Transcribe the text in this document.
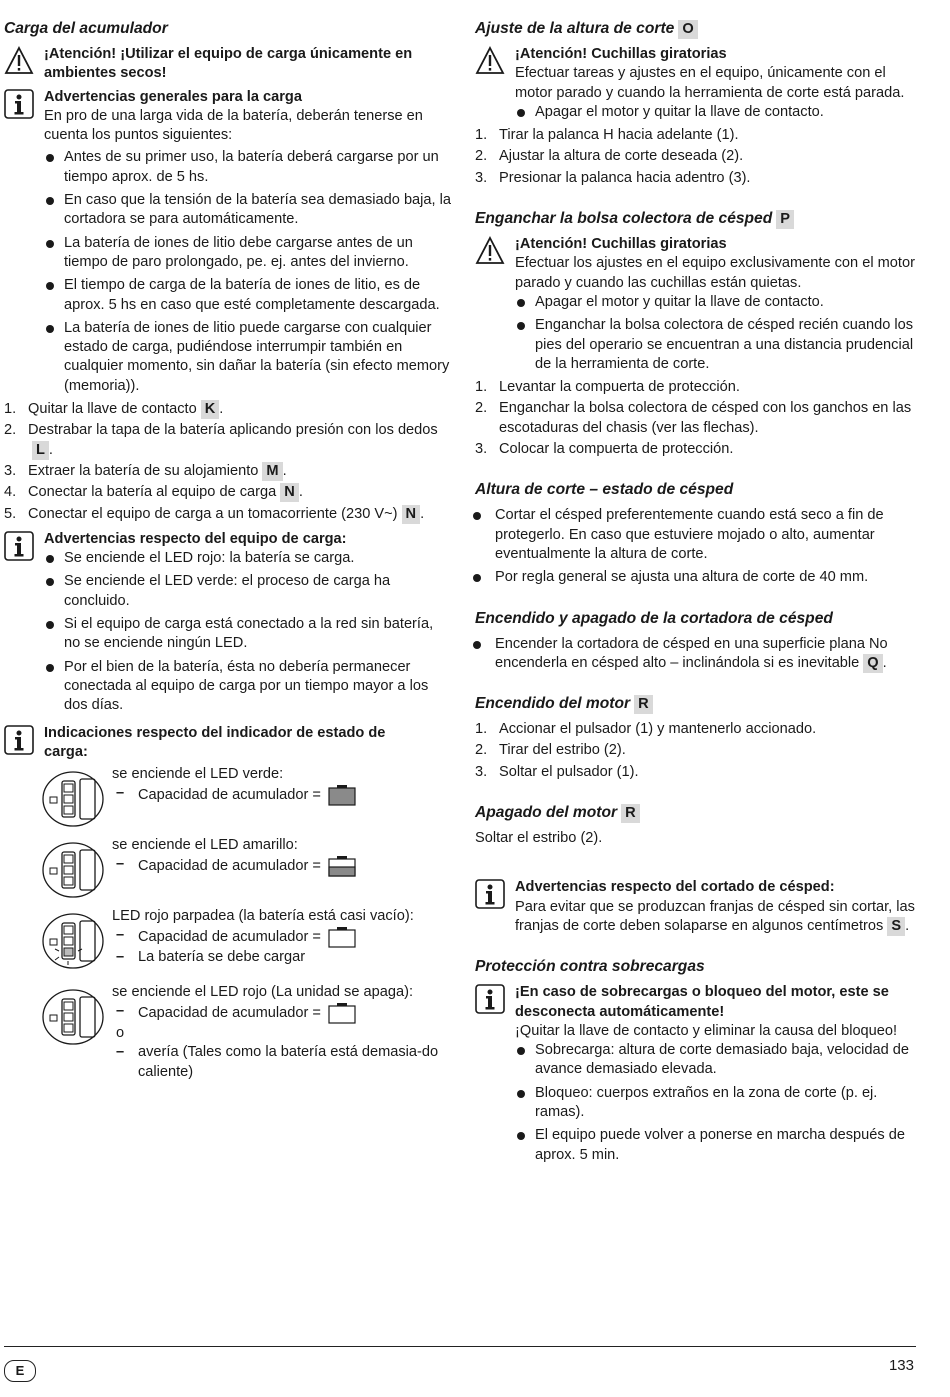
Carga del acumulador
¡Atención! ¡Utilizar el equipo de carga únicamente en ambientes secos!
Advertencias generales para la carga
En pro de una larga vida de la batería, deberán tenerse en cuenta los puntos siguientes:
Antes de su primer uso, la batería deberá cargarse por un tiempo aprox. de 5 hs.
En caso que la tensión de la batería sea demasiado baja, la cortadora se para automáticamente.
La batería de iones de litio debe cargarse antes de un tiempo de paro prolongado, pe. ej. antes del invierno.
El tiempo de carga de la batería de iones de litio, es de aprox. 5 hs en caso que esté completamente descargada.
La batería de iones de litio puede cargarse con cualquier estado de carga, pudiéndose interrumpir también en cualquier momento, sin dañar la batería (sin efecto memory (memoria)).
1. Quitar la llave de contacto K .
2. Destrabar la tapa de la batería aplicando presión con los dedosL .
3. Extraer la batería de su alojamiento M .
4. Conectar la batería al equipo de carga N .
5. Conectar el equipo de carga a un tomacorriente (230 V~) N .
Advertencias respecto del equipo de carga:
Se enciende el LED rojo: la batería se carga.
Se enciende el LED verde: el proceso de carga ha concluido.
Si el equipo de carga está conectado a la red sin batería, no se enciende ningún LED.
Por el bien de la batería, ésta no debería permanecer conectada al equipo de carga por un tiempo mayor a los dos días.
Indicaciones respecto del indicador de estado de carga:
se enciende el LED verde:
– Capacidad de acumulador =
se enciende el LED amarillo:
– Capacidad de acumulador =
LED rojo parpadea (la batería está casi vacío):
– Capacidad de acumulador =
– La batería se debe cargar
se enciende el LED rojo (La unidad se apaga):
– Capacidad de acumulador =
o
– avería (Tales como la batería está demasia-do caliente)
Ajuste de la altura de corte O
¡Atención! Cuchillas giratorias
Efectuar tareas y ajustes en el equipo, únicamente con el motor parado y cuando la herramienta de corte está parada.
Apagar el motor y quitar la llave de contacto.
1. Tirar la palanca H hacia adelante (1).
2. Ajustar la altura de corte deseada (2).
3. Presionar la palanca hacia adentro (3).
Enganchar la bolsa colectora de césped P
¡Atención! Cuchillas giratorias
Efectuar los ajustes en el equipo exclusivamente con el motor parado y cuando las cuchillas están quietas.
Apagar el motor y quitar la llave de contacto.
Enganchar la bolsa colectora de césped recién cuando los pies del operario se encuentran a una distancia prudencial de la herramienta de corte.
1. Levantar la compuerta de protección.
2. Enganchar la bolsa colectora de césped con los ganchos en las escotaduras del chasis (ver las flechas).
3. Colocar la compuerta de protección.
Altura de corte – estado de césped
Cortar el césped preferentemente cuando está seco a fin de protegerlo. En caso que estuviere mojado o alto, aumentar eventualmente la altura de corte.
Por regla general se ajusta una altura de corte de 40 mm.
Encendido y apagado de la cortadora de césped
Encender la cortadora de césped en una superficie plana No encenderla en césped alto – inclinándola si es inevitable Q .
Encendido del motor R
1. Accionar el pulsador (1) y mantenerlo accionado.
2. Tirar del estribo (2).
3. Soltar el pulsador (1).
Apagado del motor R
Soltar el estribo (2).
Advertencias respecto del cortado de césped:
Para evitar que se produzcan franjas de césped sin cortar, las franjas de corte deben solaparse en algunos centímetros S .
Protección contra sobrecargas
¡En caso de sobrecargas o bloqueo del motor, este se desconecta automáticamente!
¡Quitar la llave de contacto y eliminar la causa del bloqueo!
Sobrecarga: altura de corte demasiado baja, velocidad de avance demasiado elevada.
Bloqueo: cuerpos extraños en la zona de corte (p. ej. ramas).
El equipo puede volver a ponerse en marcha después de aprox. 5 min.
E	133
